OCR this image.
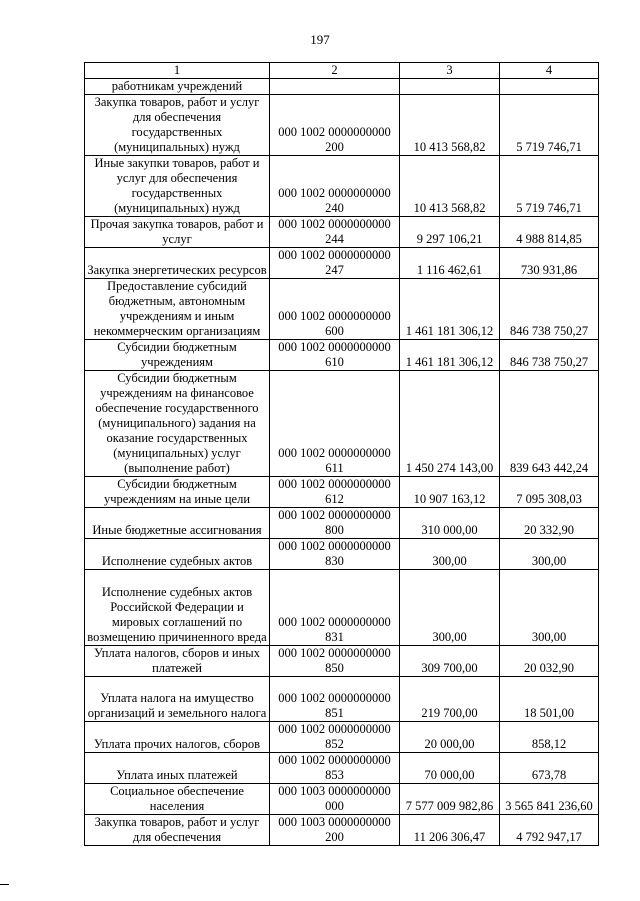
197
1	2	3	4
работникам учреждений			
Закупка товаров, работ и услуг для обеспечения государственных (муниципальных) нужд	000 1002 0000000000 200	10 413 568,82	5 719 746,71
Иные закупки товаров, работ и услуг для обеспечения государственных (муниципальных) нужд	000 1002 0000000000 240	10 413 568,82	5 719 746,71
Прочая закупка товаров, работ и услуг	000 1002 0000000000 244	9 297 106,21	4 988 814,85
Закупка энергетических ресурсов	000 1002 0000000000 247	1 116 462,61	730 931,86
Предоставление субсидий бюджетным, автономным учреждениям и иным некоммерческим организациям	000 1002 0000000000 600	1 461 181 306,12	846 738 750,27
Субсидии бюджетным учреждениям	000 1002 0000000000 610	1 461 181 306,12	846 738 750,27
Субсидии бюджетным учреждениям на финансовое обеспечение государственного (муниципального) задания на оказание государственных (муниципальных) услуг (выполнение работ)	000 1002 0000000000 611	1 450 274 143,00	839 643 442,24
Субсидии бюджетным учреждениям на иные цели	000 1002 0000000000 612	10 907 163,12	7 095 308,03
Иные бюджетные ассигнования	000 1002 0000000000 800	310 000,00	20 332,90
Исполнение судебных актов	000 1002 0000000000 830	300,00	300,00
Исполнение судебных актов Российской Федерации и мировых соглашений по возмещению причиненного вреда	000 1002 0000000000 831	300,00	300,00
Уплата налогов, сборов и иных платежей	000 1002 0000000000 850	309 700,00	20 032,90
Уплата налога на имущество организаций и земельного налога	000 1002 0000000000 851	219 700,00	18 501,00
Уплата прочих налогов, сборов	000 1002 0000000000 852	20 000,00	858,12
Уплата иных платежей	000 1002 0000000000 853	70 000,00	673,78
Социальное обеспечение населения	000 1003 0000000000 000	7 577 009 982,86	3 565 841 236,60
Закупка товаров, работ и услуг для обеспечения	000 1003 0000000000 200	11 206 306,47	4 792 947,17
